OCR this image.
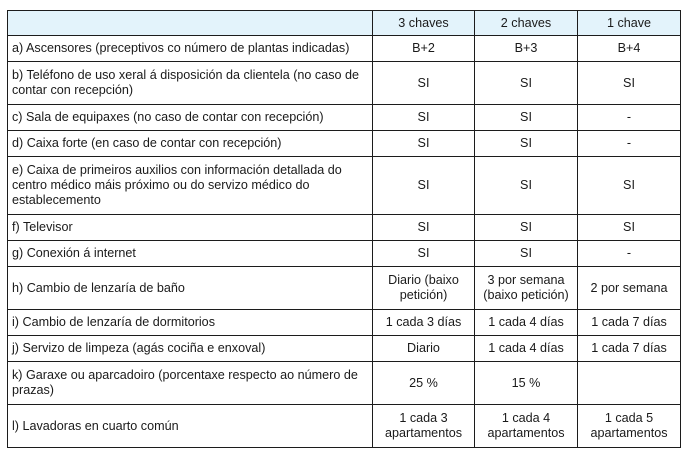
	3 chaves	2 chaves	1 chave
a) Ascensores (preceptivos co número de plantas indicadas)	B+2	B+3	B+4
b) Teléfono de uso xeral á disposición da clientela (no caso de contar con recepción)	SI	SI	SI
c) Sala de equipaxes (no caso de contar con recepción)	SI	SI	-
d) Caixa forte (en caso de contar con recepción)	SI	SI	-
e) Caixa de primeiros auxilios con información detallada do centro médico máis próximo ou do servizo médico do establecemento	SI	SI	SI
f) Televisor	SI	SI	SI
g) Conexión á internet	SI	SI	-
h) Cambio de lenzaría de baño	Diario (baixo petición)	3 por semana (baixo petición)	2 por semana
i) Cambio de lenzaría de dormitorios	1 cada 3 días	1 cada 4 días	1 cada 7 días
j) Servizo de limpeza (agás cociña e enxoval)	Diario	1 cada 4 días	1 cada 7 días
k) Garaxe ou aparcadoiro (porcentaxe respecto ao número de prazas)	25 %	15 %	
l) Lavadoras en cuarto común	1 cada 3 apartamentos	1 cada 4 apartamentos	1 cada 5 apartamentos
